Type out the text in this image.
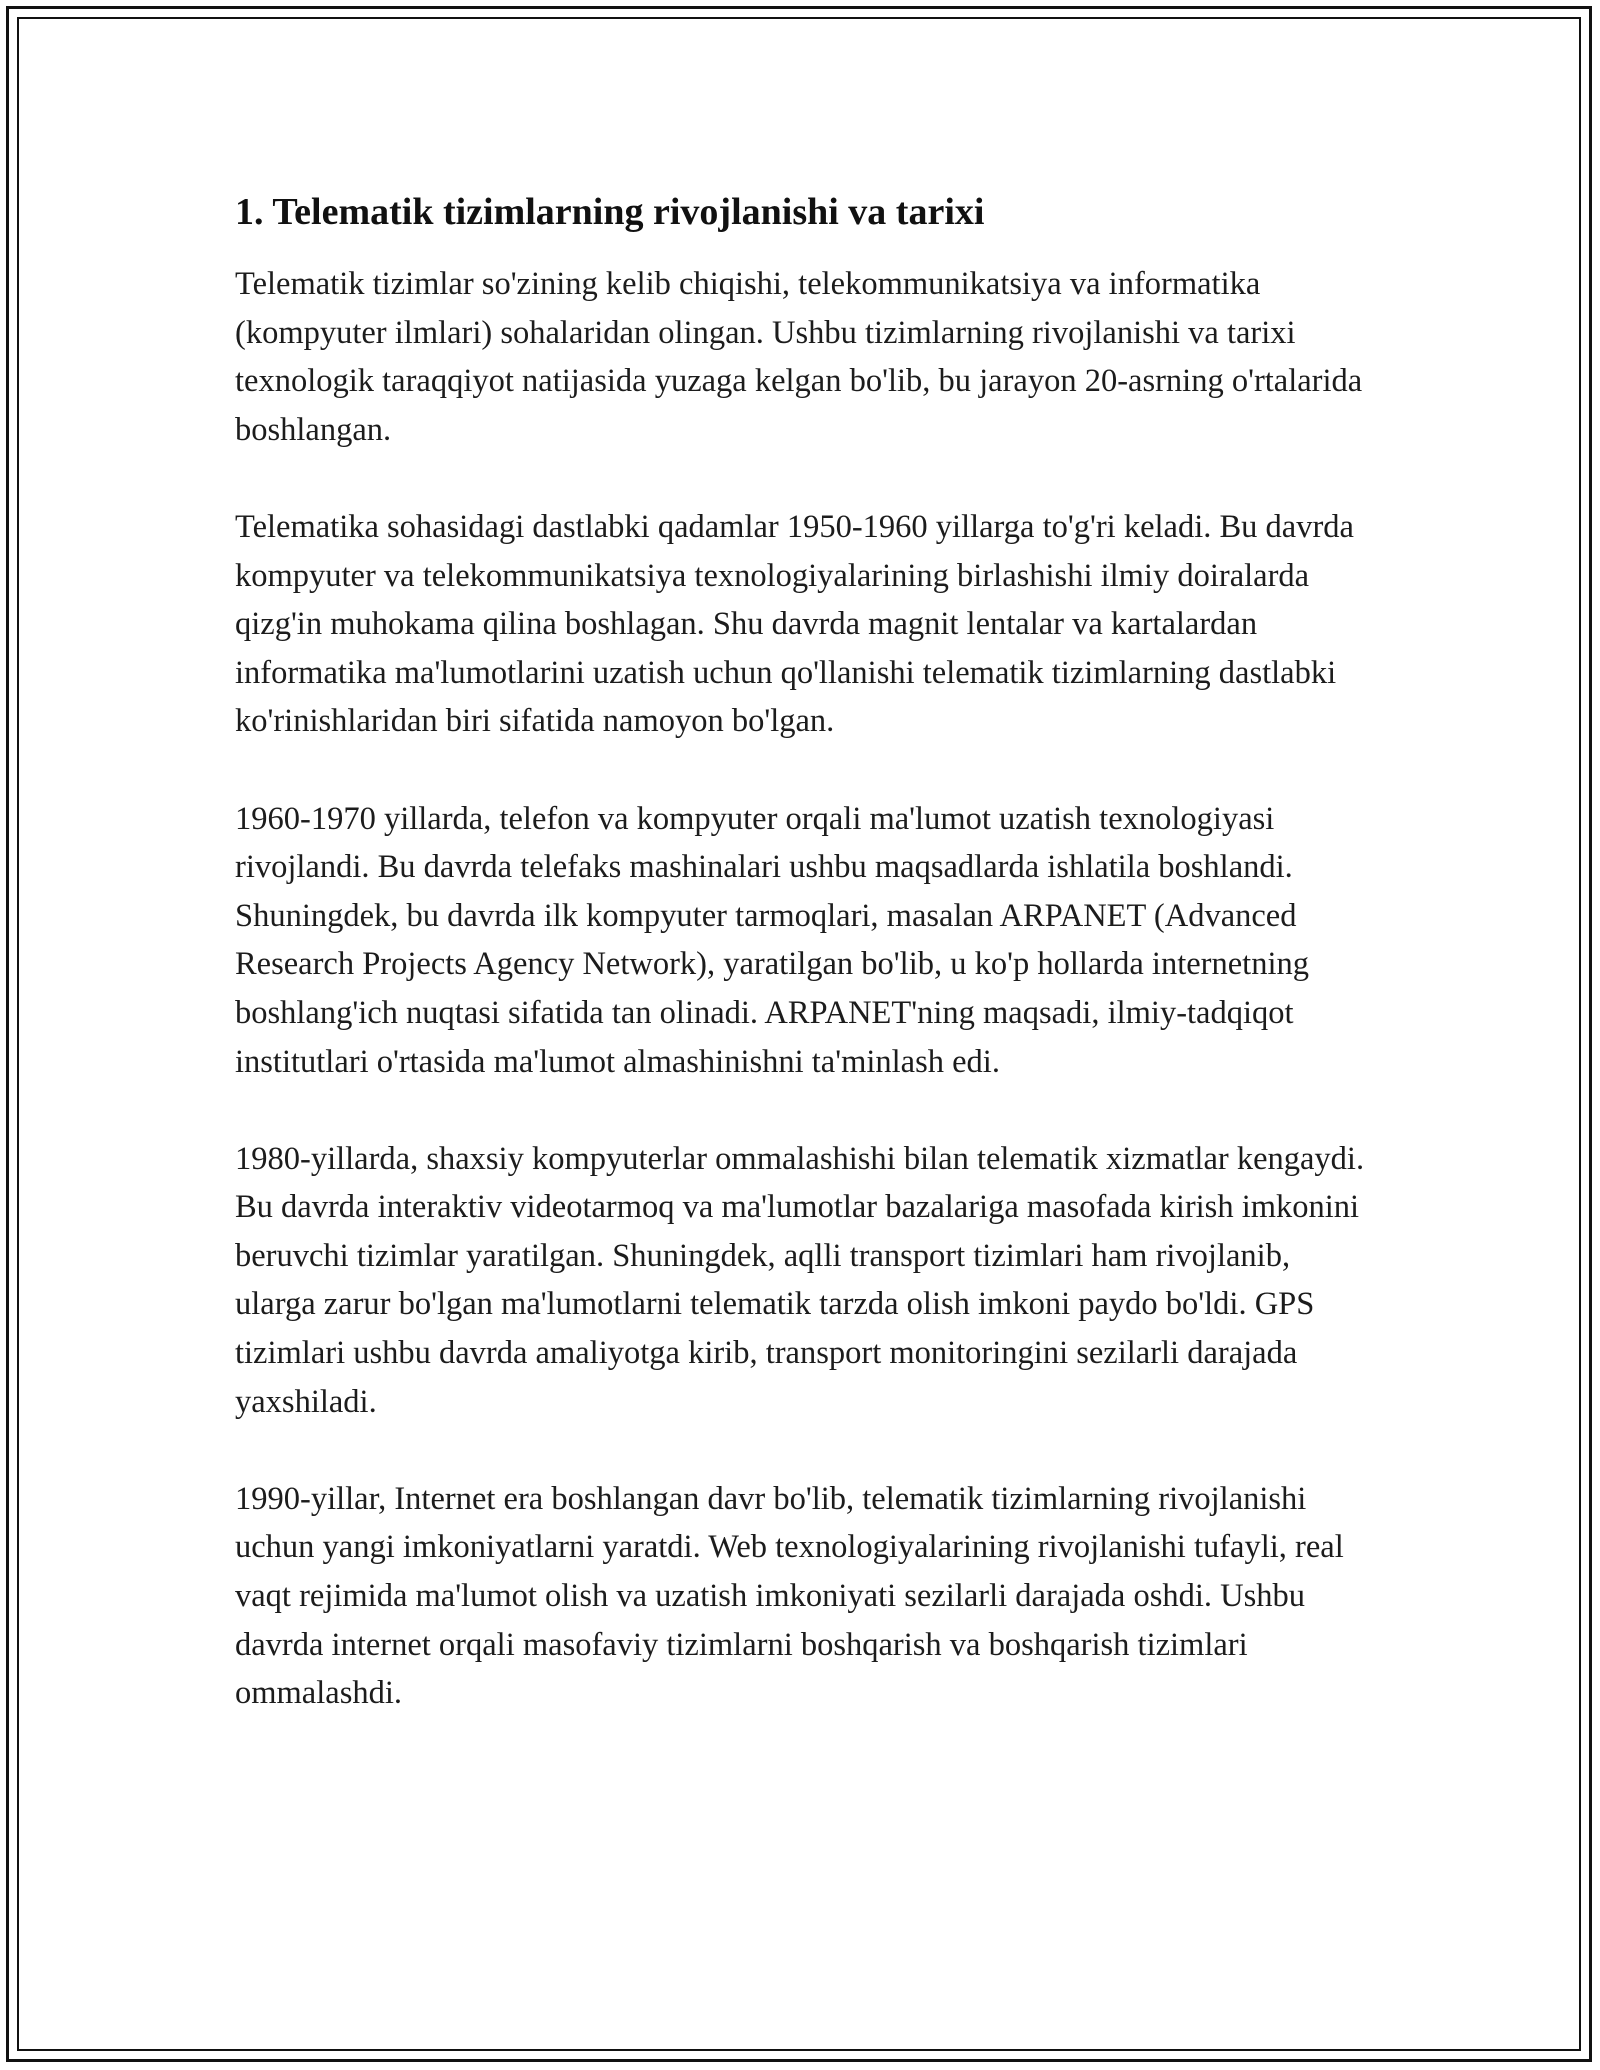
1. Telematik tizimlarning rivojlanishi va tarixi

Telematik tizimlar so'zining kelib chiqishi, telekommunikatsiya va informatika (kompyuter ilmlari) sohalaridan olingan. Ushbu tizimlarning rivojlanishi va tarixi texnologik taraqqiyot natijasida yuzaga kelgan bo'lib, bu jarayon 20-asrning o'rtalarida boshlangan.

Telematika sohasidagi dastlabki qadamlar 1950-1960 yillarga to'g'ri keladi. Bu davrda kompyuter va telekommunikatsiya texnologiyalarining birlashishi ilmiy doiralarda qizg'in muhokama qilina boshlagan. Shu davrda magnit lentalar va kartalardan informatika ma'lumotlarini uzatish uchun qo'llanishi telematik tizimlarning dastlabki ko'rinishlaridan biri sifatida namoyon bo'lgan.

1960-1970 yillarda, telefon va kompyuter orqali ma'lumot uzatish texnologiyasi rivojlandi. Bu davrda telefaks mashinalari ushbu maqsadlarda ishlatila boshlandi. Shuningdek, bu davrda ilk kompyuter tarmoqlari, masalan ARPANET (Advanced Research Projects Agency Network), yaratilgan bo'lib, u ko'p hollarda internetning boshlang'ich nuqtasi sifatida tan olinadi. ARPANET'ning maqsadi, ilmiy-tadqiqot institutlari o'rtasida ma'lumot almashinishni ta'minlash edi.

1980-yillarda, shaxsiy kompyuterlar ommalashishi bilan telematik xizmatlar kengaydi. Bu davrda interaktiv videotarmoq va ma'lumotlar bazalariga masofada kirish imkonini beruvchi tizimlar yaratilgan. Shuningdek, aqlli transport tizimlari ham rivojlanib, ularga zarur bo'lgan ma'lumotlarni telematik tarzda olish imkoni paydo bo'ldi. GPS tizimlari ushbu davrda amaliyotga kirib, transport monitoringini sezilarli darajada yaxshiladi.

1990-yillar, Internet era boshlangan davr bo'lib, telematik tizimlarning rivojlanishi uchun yangi imkoniyatlarni yaratdi. Web texnologiyalarining rivojlanishi tufayli, real vaqt rejimida ma'lumot olish va uzatish imkoniyati sezilarli darajada oshdi. Ushbu davrda internet orqali masofaviy tizimlarni boshqarish va boshqarish tizimlari ommalashdi.
